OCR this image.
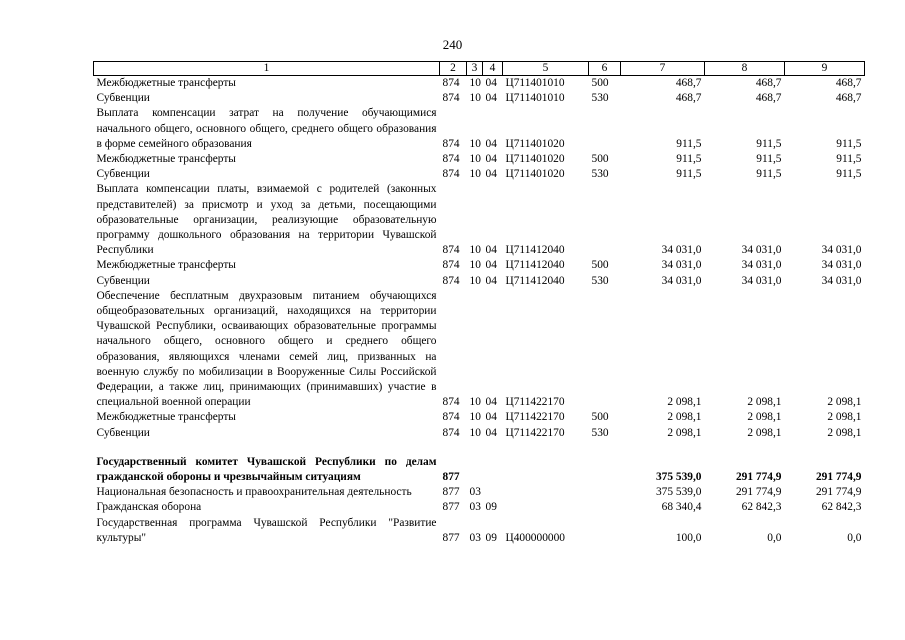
240
1	2	3	4	5	6	7	8	9
Межбюджетные трансферты	874	10	04	Ц711401010	500	468,7	468,7	468,7
Субвенции	874	10	04	Ц711401010	530	468,7	468,7	468,7
Выплата компенсации затрат на получение обучающимися начального общего, основного общего, среднего общего образования в форме семейного образования	874	10	04	Ц711401020		911,5	911,5	911,5
Межбюджетные трансферты	874	10	04	Ц711401020	500	911,5	911,5	911,5
Субвенции	874	10	04	Ц711401020	530	911,5	911,5	911,5
Выплата компенсации платы, взимаемой с родителей (законных представителей) за присмотр и уход за детьми, посещающими образовательные организации, реализующие образовательную программу дошкольного образования на территории Чувашской Республики	874	10	04	Ц711412040		34 031,0	34 031,0	34 031,0
Межбюджетные трансферты	874	10	04	Ц711412040	500	34 031,0	34 031,0	34 031,0
Субвенции	874	10	04	Ц711412040	530	34 031,0	34 031,0	34 031,0
Обеспечение бесплатным двухразовым питанием обучающихся общеобразовательных организаций, находящихся на территории Чувашской Республики, осваивающих образовательные программы начального общего, основного общего и среднего общего образования, являющихся членами семей лиц, призванных на военную службу по мобилизации в Вооруженные Силы Российской Федерации, а также лиц, принимающих (принимавших) участие в специальной военной операции	874	10	04	Ц711422170		2 098,1	2 098,1	2 098,1
Межбюджетные трансферты	874	10	04	Ц711422170	500	2 098,1	2 098,1	2 098,1
Субвенции	874	10	04	Ц711422170	530	2 098,1	2 098,1	2 098,1

Государственный комитет Чувашской Республики по делам гражданской обороны и чрезвычайным ситуациям	877					375 539,0	291 774,9	291 774,9
Национальная безопасность и правоохранительная деятельность	877	03				375 539,0	291 774,9	291 774,9
Гражданская оборона	877	03	09			68 340,4	62 842,3	62 842,3
Государственная программа Чувашской Республики "Развитие культуры"	877	03	09	Ц400000000		100,0	0,0	0,0
